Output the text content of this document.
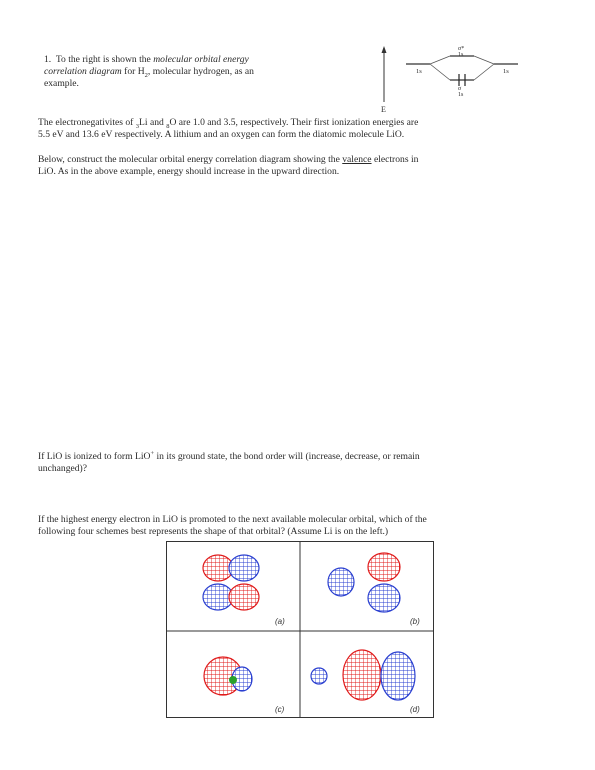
1. To the right is shown the molecular orbital energy
correlation diagram for $H_2$, molecular hydrogen, as an
example.
E
1s	1s
σ*
1s
σ
1s
The electronegativites of $_3$Li and $_8$O are 1.0 and 3.5, respectively. Their first ionization energies are
5.5 eV and 13.6 eV respectively. A lithium and an oxygen can form the diatomic molecule LiO.
Below, construct the molecular orbital energy correlation diagram showing the valence electrons in
LiO. As in the above example, energy should increase in the upward direction.
If LiO is ionized to form LiO+ in its ground state, the bond order will (increase, decrease, or remain
unchanged)?
If the highest energy electron in LiO is promoted to the next available molecular orbital, which of the
following four schemes best represents the shape of that orbital? (Assume Li is on the left.)
(a)	(b)
(c)	(d)
